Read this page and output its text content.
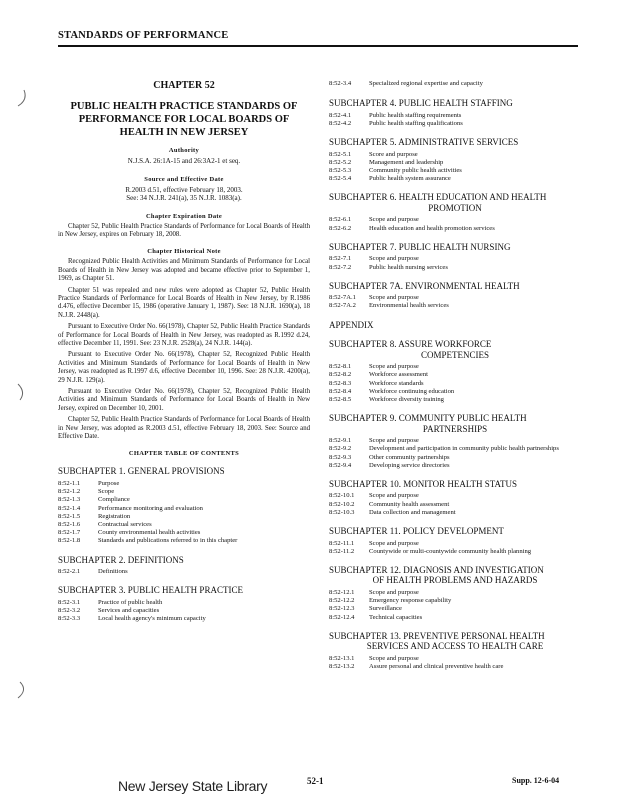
STANDARDS OF PERFORMANCE
CHAPTER 52
PUBLIC HEALTH PRACTICE STANDARDS OF PERFORMANCE FOR LOCAL BOARDS OF HEALTH IN NEW JERSEY
Authority
N.J.S.A. 26:1A-15 and 26:3A2-1 et seq.
Source and Effective Date
R.2003 d.51, effective February 18, 2003.
See: 34 N.J.R. 241(a), 35 N.J.R. 1083(a).
Chapter Expiration Date
Chapter 52, Public Health Practice Standards of Performance for Local Boards of Health in New Jersey, expires on February 18, 2008.
Chapter Historical Note
Recognized Public Health Activities and Minimum Standards of Performance for Local Boards of Health in New Jersey was adopted and became effective prior to September 1, 1969, as Chapter 51.
Chapter 51 was repealed and new rules were adopted as Chapter 52, Public Health Practice Standards of Performance for Local Boards of Health in New Jersey, by R.1986 d.476, effective December 15, 1986 (operative January 1, 1987). See: 18 N.J.R. 1690(a), 18 N.J.R. 2448(a).
Pursuant to Executive Order No. 66(1978), Chapter 52, Public Health Practice Standards of Performance for Local Boards of Health in New Jersey, was readopted as R.1992 d.24, effective December 11, 1991. See: 23 N.J.R. 2528(a), 24 N.J.R. 144(a).
Pursuant to Executive Order No. 66(1978), Chapter 52, Recognized Public Health Activities and Minimum Standards of Performance for Local Boards of Health in New Jersey, was readopted as R.1997 d.6, effective December 10, 1996. See: 28 N.J.R. 4200(a), 29 N.J.R. 129(a).
Pursuant to Executive Order No. 66(1978), Chapter 52, Recognized Public Health Activities and Minimum Standards of Performance for Local Boards of Health in New Jersey, expired on December 10, 2001.
Chapter 52, Public Health Practice Standards of Performance for Local Boards of Health in New Jersey, was adopted as R.2003 d.51, effective February 18, 2003. See: Source and Effective Date.
CHAPTER TABLE OF CONTENTS
SUBCHAPTER 1. GENERAL PROVISIONS
8:52-1.1	Purpose
8:52-1.2	Scope
8:52-1.3	Compliance
8:52-1.4	Performance monitoring and evaluation
8:52-1.5	Registration
8:52-1.6	Contractual services
8:52-1.7	County environmental health activities
8:52-1.8	Standards and publications referred to in this chapter
SUBCHAPTER 2. DEFINITIONS
8:52-2.1	Definitions
SUBCHAPTER 3. PUBLIC HEALTH PRACTICE
8:52-3.1	Practice of public health
8:52-3.2	Services and capacities
8:52-3.3	Local health agency's minimum capacity
8:52-3.4	Specialized regional expertise and capacity
SUBCHAPTER 4. PUBLIC HEALTH STAFFING
8:52-4.1	Public health staffing requirements
8:52-4.2	Public health staffing qualifications
SUBCHAPTER 5. ADMINISTRATIVE SERVICES
8:52-5.1	Score and purpose
8:52-5.2	Management and leadership
8:52-5.3	Community public health activities
8:52-5.4	Public health system assurance
SUBCHAPTER 6. HEALTH EDUCATION AND HEALTH
PROMOTION
8:52-6.1	Scope and purpose
8:52-6.2	Health education and health promotion services
SUBCHAPTER 7. PUBLIC HEALTH NURSING
8:52-7.1	Scope and purpose
8:52-7.2	Public health nursing services
SUBCHAPTER 7A. ENVIRONMENTAL HEALTH
8:52-7A.1	Scope and purpose
8:52-7A.2	Environmental health services
APPENDIX
SUBCHAPTER 8. ASSURE WORKFORCE
COMPETENCIES
8:52-8.1	Scope and purpose
8:52-8.2	Workforce assessment
8:52-8.3	Workforce standards
8:52-8.4	Workforce continuing education
8:52-8.5	Workforce diversity training
SUBCHAPTER 9. COMMUNITY PUBLIC HEALTH
PARTNERSHIPS
8:52-9.1	Scope and purpose
8:52-9.2	Development and participation in community public health partnerships
8:52-9.3	Other community partnerships
8:52-9.4	Developing service directories
SUBCHAPTER 10. MONITOR HEALTH STATUS
8:52-10.1	Scope and purpose
8:52-10.2	Community health assessment
8:52-10.3	Data collection and management
SUBCHAPTER 11. POLICY DEVELOPMENT
8:52-11.1	Scope and purpose
8:52-11.2	Countywide or multi-countywide community health planning
SUBCHAPTER 12. DIAGNOSIS AND INVESTIGATION
OF HEALTH PROBLEMS AND HAZARDS
8:52-12.1	Scope and purpose
8:52-12.2	Emergency response capability
8:52-12.3	Surveillance
8:52-12.4	Technical capacities
SUBCHAPTER 13. PREVENTIVE PERSONAL HEALTH
SERVICES AND ACCESS TO HEALTH CARE
8:52-13.1	Scope and purpose
8:52-13.2	Assure personal and clinical preventive health care
New Jersey State Library	52-1	Supp. 12-6-04
